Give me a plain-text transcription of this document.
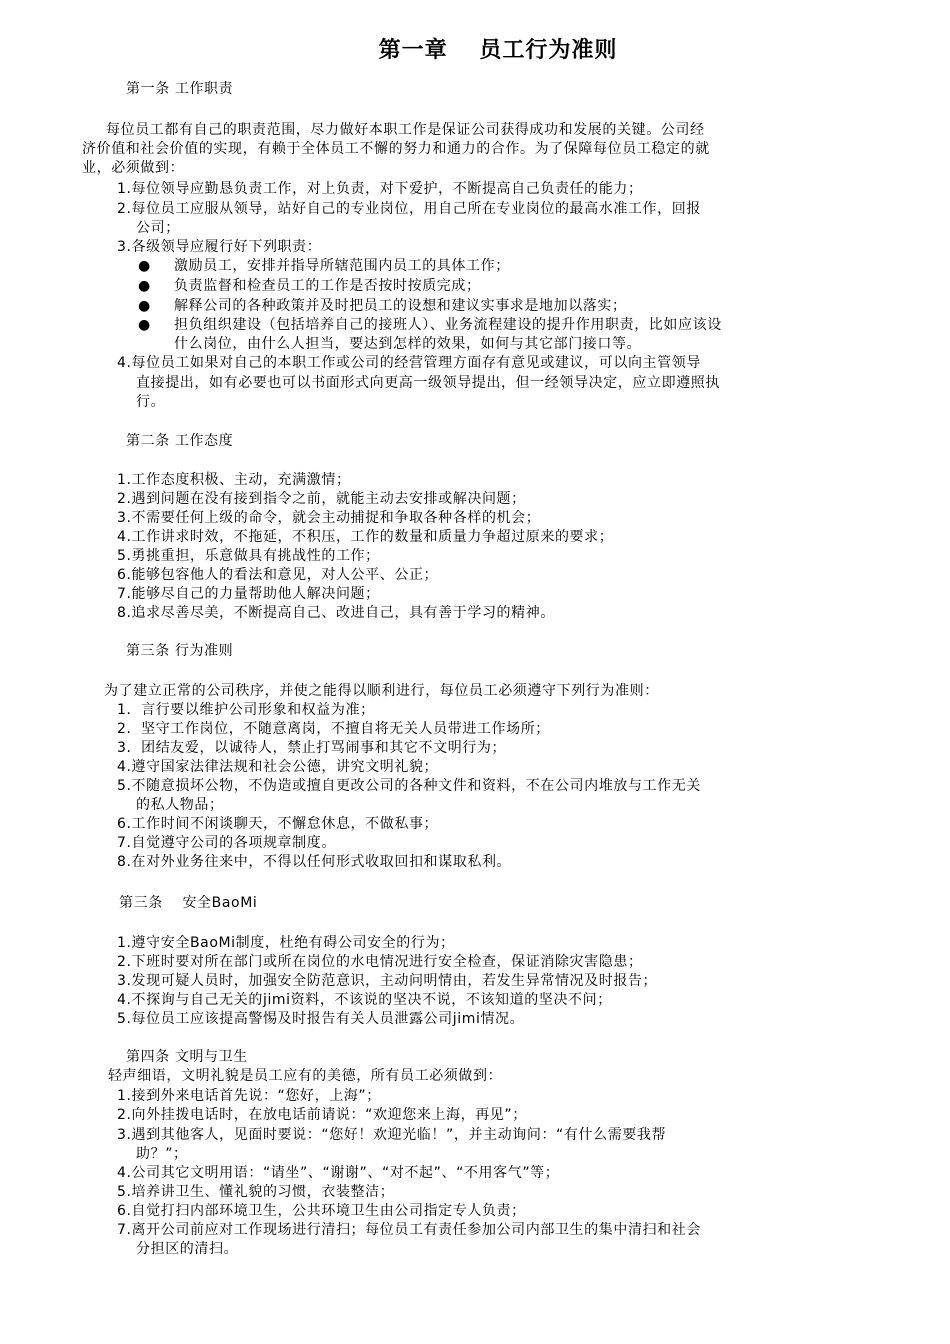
第一章　 员工行为准则
第一条 工作职责
每位员工都有自己的职责范围，尽力做好本职工作是保证公司获得成功和发展的关键。公司经
济价值和社会价值的实现，有赖于全体员工不懈的努力和通力的合作。为了保障每位员工稳定的就
业，必须做到：
1.每位领导应勤恳负责工作，对上负责，对下爱护，不断提高自己负责任的能力；
2.每位员工应服从领导，站好自己的专业岗位，用自己所在专业岗位的最高水准工作，回报
公司；
3.各级领导应履行好下列职责：
● 激励员工，安排并指导所辖范围内员工的具体工作；
● 负责监督和检查员工的工作是否按时按质完成；
● 解释公司的各种政策并及时把员工的设想和建议实事求是地加以落实；
● 担负组织建设（包括培养自己的接班人）、业务流程建设的提升作用职责，比如应该设
什么岗位，由什么人担当，要达到怎样的效果，如何与其它部门接口等。
4.每位员工如果对自己的本职工作或公司的经营管理方面存有意见或建议，可以向主管领导
直接提出，如有必要也可以书面形式向更高一级领导提出，但一经领导决定，应立即遵照执
行。
第二条 工作态度
1.工作态度积极、主动，充满激情；
2.遇到问题在没有接到指令之前，就能主动去安排或解决问题；
3.不需要任何上级的命令，就会主动捕捉和争取各种各样的机会；
4.工作讲求时效，不拖延，不积压，工作的数量和质量力争超过原来的要求；
5.勇挑重担，乐意做具有挑战性的工作；
6.能够包容他人的看法和意见，对人公平、公正；
7.能够尽自己的力量帮助他人解决问题；
8.追求尽善尽美，不断提高自己、改进自己，具有善于学习的精神。
第三条 行为准则
为了建立正常的公司秩序，并使之能得以顺利进行，每位员工必须遵守下列行为准则：
1．言行要以维护公司形象和权益为准；
2．坚守工作岗位，不随意离岗，不擅自将无关人员带进工作场所；
3．团结友爱，以诚待人，禁止打骂闹事和其它不文明行为；
4.遵守国家法律法规和社会公德，讲究文明礼貌；
5.不随意损坏公物，不伪造或擅自更改公司的各种文件和资料，不在公司内堆放与工作无关
的私人物品；
6.工作时间不闲谈聊天，不懈怠休息，不做私事；
7.自觉遵守公司的各项规章制度。
8.在对外业务往来中，不得以任何形式收取回扣和谋取私利。
第三条　 安全BaoMi
1.遵守安全BaoMi制度，杜绝有碍公司安全的行为；
2.下班时要对所在部门或所在岗位的水电情况进行安全检查，保证消除灾害隐患；
3.发现可疑人员时，加强安全防范意识，主动问明情由，若发生异常情况及时报告；
4.不探询与自己无关的jimi资料，不该说的坚决不说，不该知道的坚决不问；
5.每位员工应该提高警惕及时报告有关人员泄露公司jimi情况。
第四条 文明与卫生
轻声细语，文明礼貌是员工应有的美德，所有员工必须做到：
1.接到外来电话首先说：“您好，上海”；
2.向外挂拨电话时，在放电话前请说：“欢迎您来上海，再见”；
3.遇到其他客人，见面时要说：“您好！欢迎光临！”，并主动询问：“有什么需要我帮
助？”；
4.公司其它文明用语：“请坐”、“谢谢”、“对不起”、“不用客气”等；
5.培养讲卫生、懂礼貌的习惯，衣装整洁；
6.自觉打扫内部环境卫生，公共环境卫生由公司指定专人负责；
7.离开公司前应对工作现场进行清扫；每位员工有责任参加公司内部卫生的集中清扫和社会
分担区的清扫。
